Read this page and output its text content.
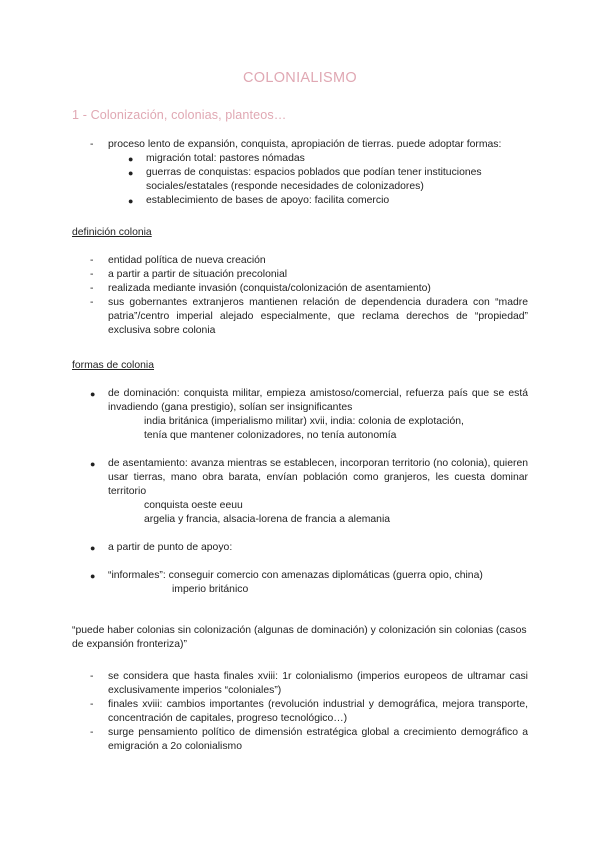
COLONIALISMO
1 - Colonización, colonias, planteos…
- proceso lento de expansión, conquista, apropiación de tierras. puede adoptar formas:
● migración total: pastores nómadas
● guerras de conquistas: espacios poblados que podían tener instituciones
sociales/estatales (responde necesidades de colonizadores)
● establecimiento de bases de apoyo: facilita comercio
definición colonia
- entidad política de nueva creación
- a partir a partir de situación precolonial
- realizada mediante invasión (conquista/colonización de asentamiento)
- sus gobernantes extranjeros mantienen relación de dependencia duradera con “madre patria”/centro imperial alejado especialmente, que reclama derechos de “propiedad” exclusiva sobre colonia
formas de colonia
● de dominación: conquista militar, empieza amistoso/comercial, refuerza país que se está invadiendo (gana prestigio), solían ser insignificantes
india británica (imperialismo militar) xvii, india: colonia de explotación,
tenía que mantener colonizadores, no tenía autonomía
● de asentamiento: avanza mientras se establecen, incorporan territorio (no colonia), quieren usar tierras, mano obra barata, envían población como granjeros, les cuesta dominar territorio
conquista oeste eeuu
argelia y francia, alsacia-lorena de francia a alemania
● a partir de punto de apoyo:
● “informales”: conseguir comercio con amenazas diplomáticas (guerra opio, china)
imperio británico
“puede haber colonias sin colonización (algunas de dominación) y colonización sin colonias (casos de expansión fronteriza)”
- se considera que hasta finales xviii: 1r colonialismo (imperios europeos de ultramar casi exclusivamente imperios “coloniales”)
- finales xviii: cambios importantes (revolución industrial y demográfica, mejora transporte, concentración de capitales, progreso tecnológico…)
- surge pensamiento político de dimensión estratégica global a crecimiento demográfico a emigración a 2o colonialismo
